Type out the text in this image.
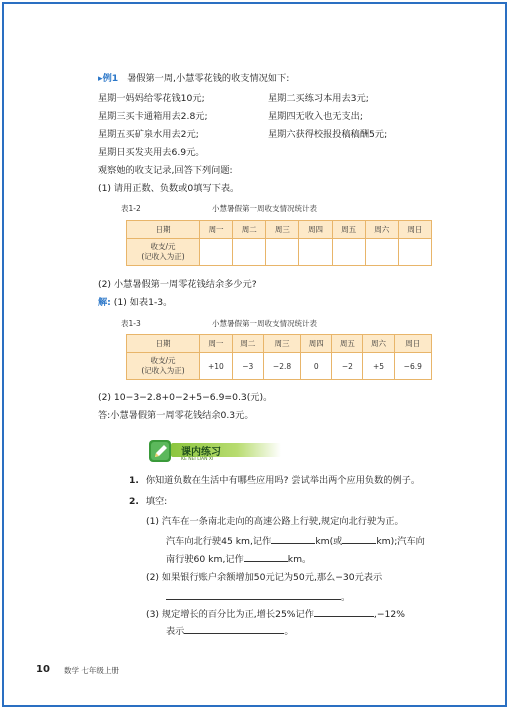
▸例1 暑假第一周,小慧零花钱的收支情况如下:
星期一妈妈给零花钱10元;	星期二买练习本用去3元;
星期三买卡通箱用去2.8元;	星期四无收入也无支出;
星期五买矿泉水用去2元;	星期六获得校报投稿稿酬5元;
星期日买发夹用去6.9元。
观察她的收支记录,回答下列问题:
(1) 请用正数、负数或0填写下表。
表1-2	小慧暑假第一周收支情况统计表
日期	周一	周二	周三	周四	周五	周六	周日

收支/元
(记收入为正)							

(2) 小慧暑假第一周零花钱结余多少元?
解: (1) 如表1-3。
表1-3	小慧暑假第一周收支情况统计表
日期	周一	周二	周三	周四	周五	周六	周日

收支/元
(记收入为正)	+10	−3	−2.8	0	−2	+5	−6.9
(2) 10−3−2.8+0−2+5−6.9=0.3(元)。
答:小慧暑假第一周零花钱结余0.3元。
课内练习
KE NEI LIAN XI
1. 你知道负数在生活中有哪些应用吗? 尝试举出两个应用负数的例子。
2. 填空:
(1) 汽车在一条南北走向的高速公路上行驶,规定向北行驶为正。
汽车向北行驶45 km,记作	km(或	km);汽车向
南行驶60 km,记作	km。
(2) 如果银行账户余额增加50元记为50元,那么−30元表示
。
(3) 规定增长的百分比为正,增长25%记作	,−12%
表示	。
10 数学 七年级上册
